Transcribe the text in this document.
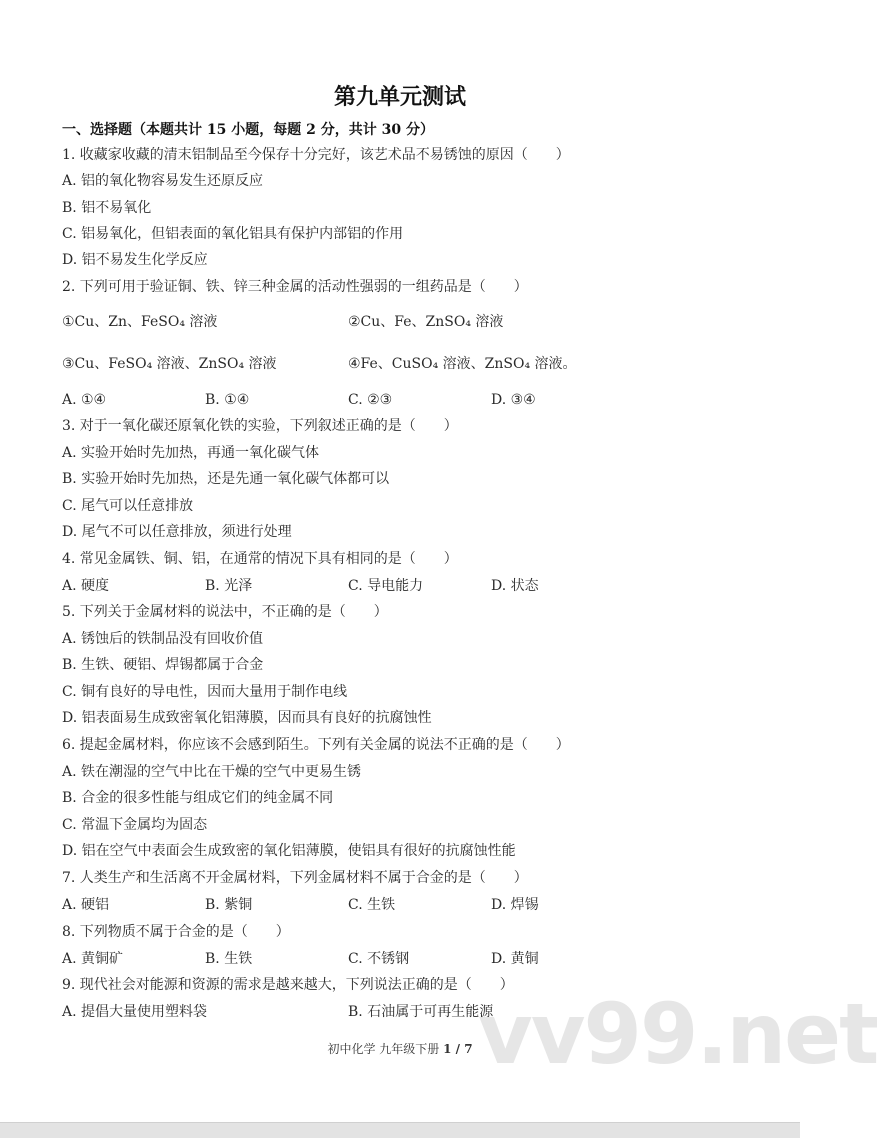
第九单元测试
一、选择题（本题共计 15 小题，每题 2 分，共计 30 分）
1. 收藏家收藏的清末铝制品至今保存十分完好，该艺术品不易锈蚀的原因（　　）
A. 铝的氧化物容易发生还原反应
B. 铝不易氧化
C. 铝易氧化，但铝表面的氧化铝具有保护内部铝的作用
D. 铝不易发生化学反应
2. 下列可用于验证铜、铁、锌三种金属的活动性强弱的一组药品是（　　）
①Cu、Zn、FeSO₄ 溶液	②Cu、Fe、ZnSO₄ 溶液
③Cu、FeSO₄ 溶液、ZnSO₄ 溶液	④Fe、CuSO₄ 溶液、ZnSO₄ 溶液。
A. ①④	B. ①④	C. ②③	D. ③④
3. 对于一氧化碳还原氧化铁的实验，下列叙述正确的是（　　）
A. 实验开始时先加热，再通一氧化碳气体
B. 实验开始时先加热，还是先通一氧化碳气体都可以
C. 尾气可以任意排放
D. 尾气不可以任意排放，须进行处理
4. 常见金属铁、铜、铝，在通常的情况下具有相同的是（　　）
A. 硬度	B. 光泽	C. 导电能力	D. 状态
5. 下列关于金属材料的说法中，不正确的是（　　）
A. 锈蚀后的铁制品没有回收价值
B. 生铁、硬铝、焊锡都属于合金
C. 铜有良好的导电性，因而大量用于制作电线
D. 铝表面易生成致密氧化铝薄膜，因而具有良好的抗腐蚀性
6. 提起金属材料，你应该不会感到陌生。下列有关金属的说法不正确的是（　　）
A. 铁在潮湿的空气中比在干燥的空气中更易生锈
B. 合金的很多性能与组成它们的纯金属不同
C. 常温下金属均为固态
D. 铝在空气中表面会生成致密的氧化铝薄膜，使铝具有很好的抗腐蚀性能
7. 人类生产和生活离不开金属材料，下列金属材料不属于合金的是（　　）
A. 硬铝	B. 紫铜	C. 生铁	D. 焊锡
8. 下列物质不属于合金的是（　　）
A. 黄铜矿	B. 生铁	C. 不锈钢	D. 黄铜
9. 现代社会对能源和资源的需求是越来越大，下列说法正确的是（　　）
A. 提倡大量使用塑料袋	B. 石油属于可再生能源
初中化学 九年级下册 1 / 7 vv99.net
